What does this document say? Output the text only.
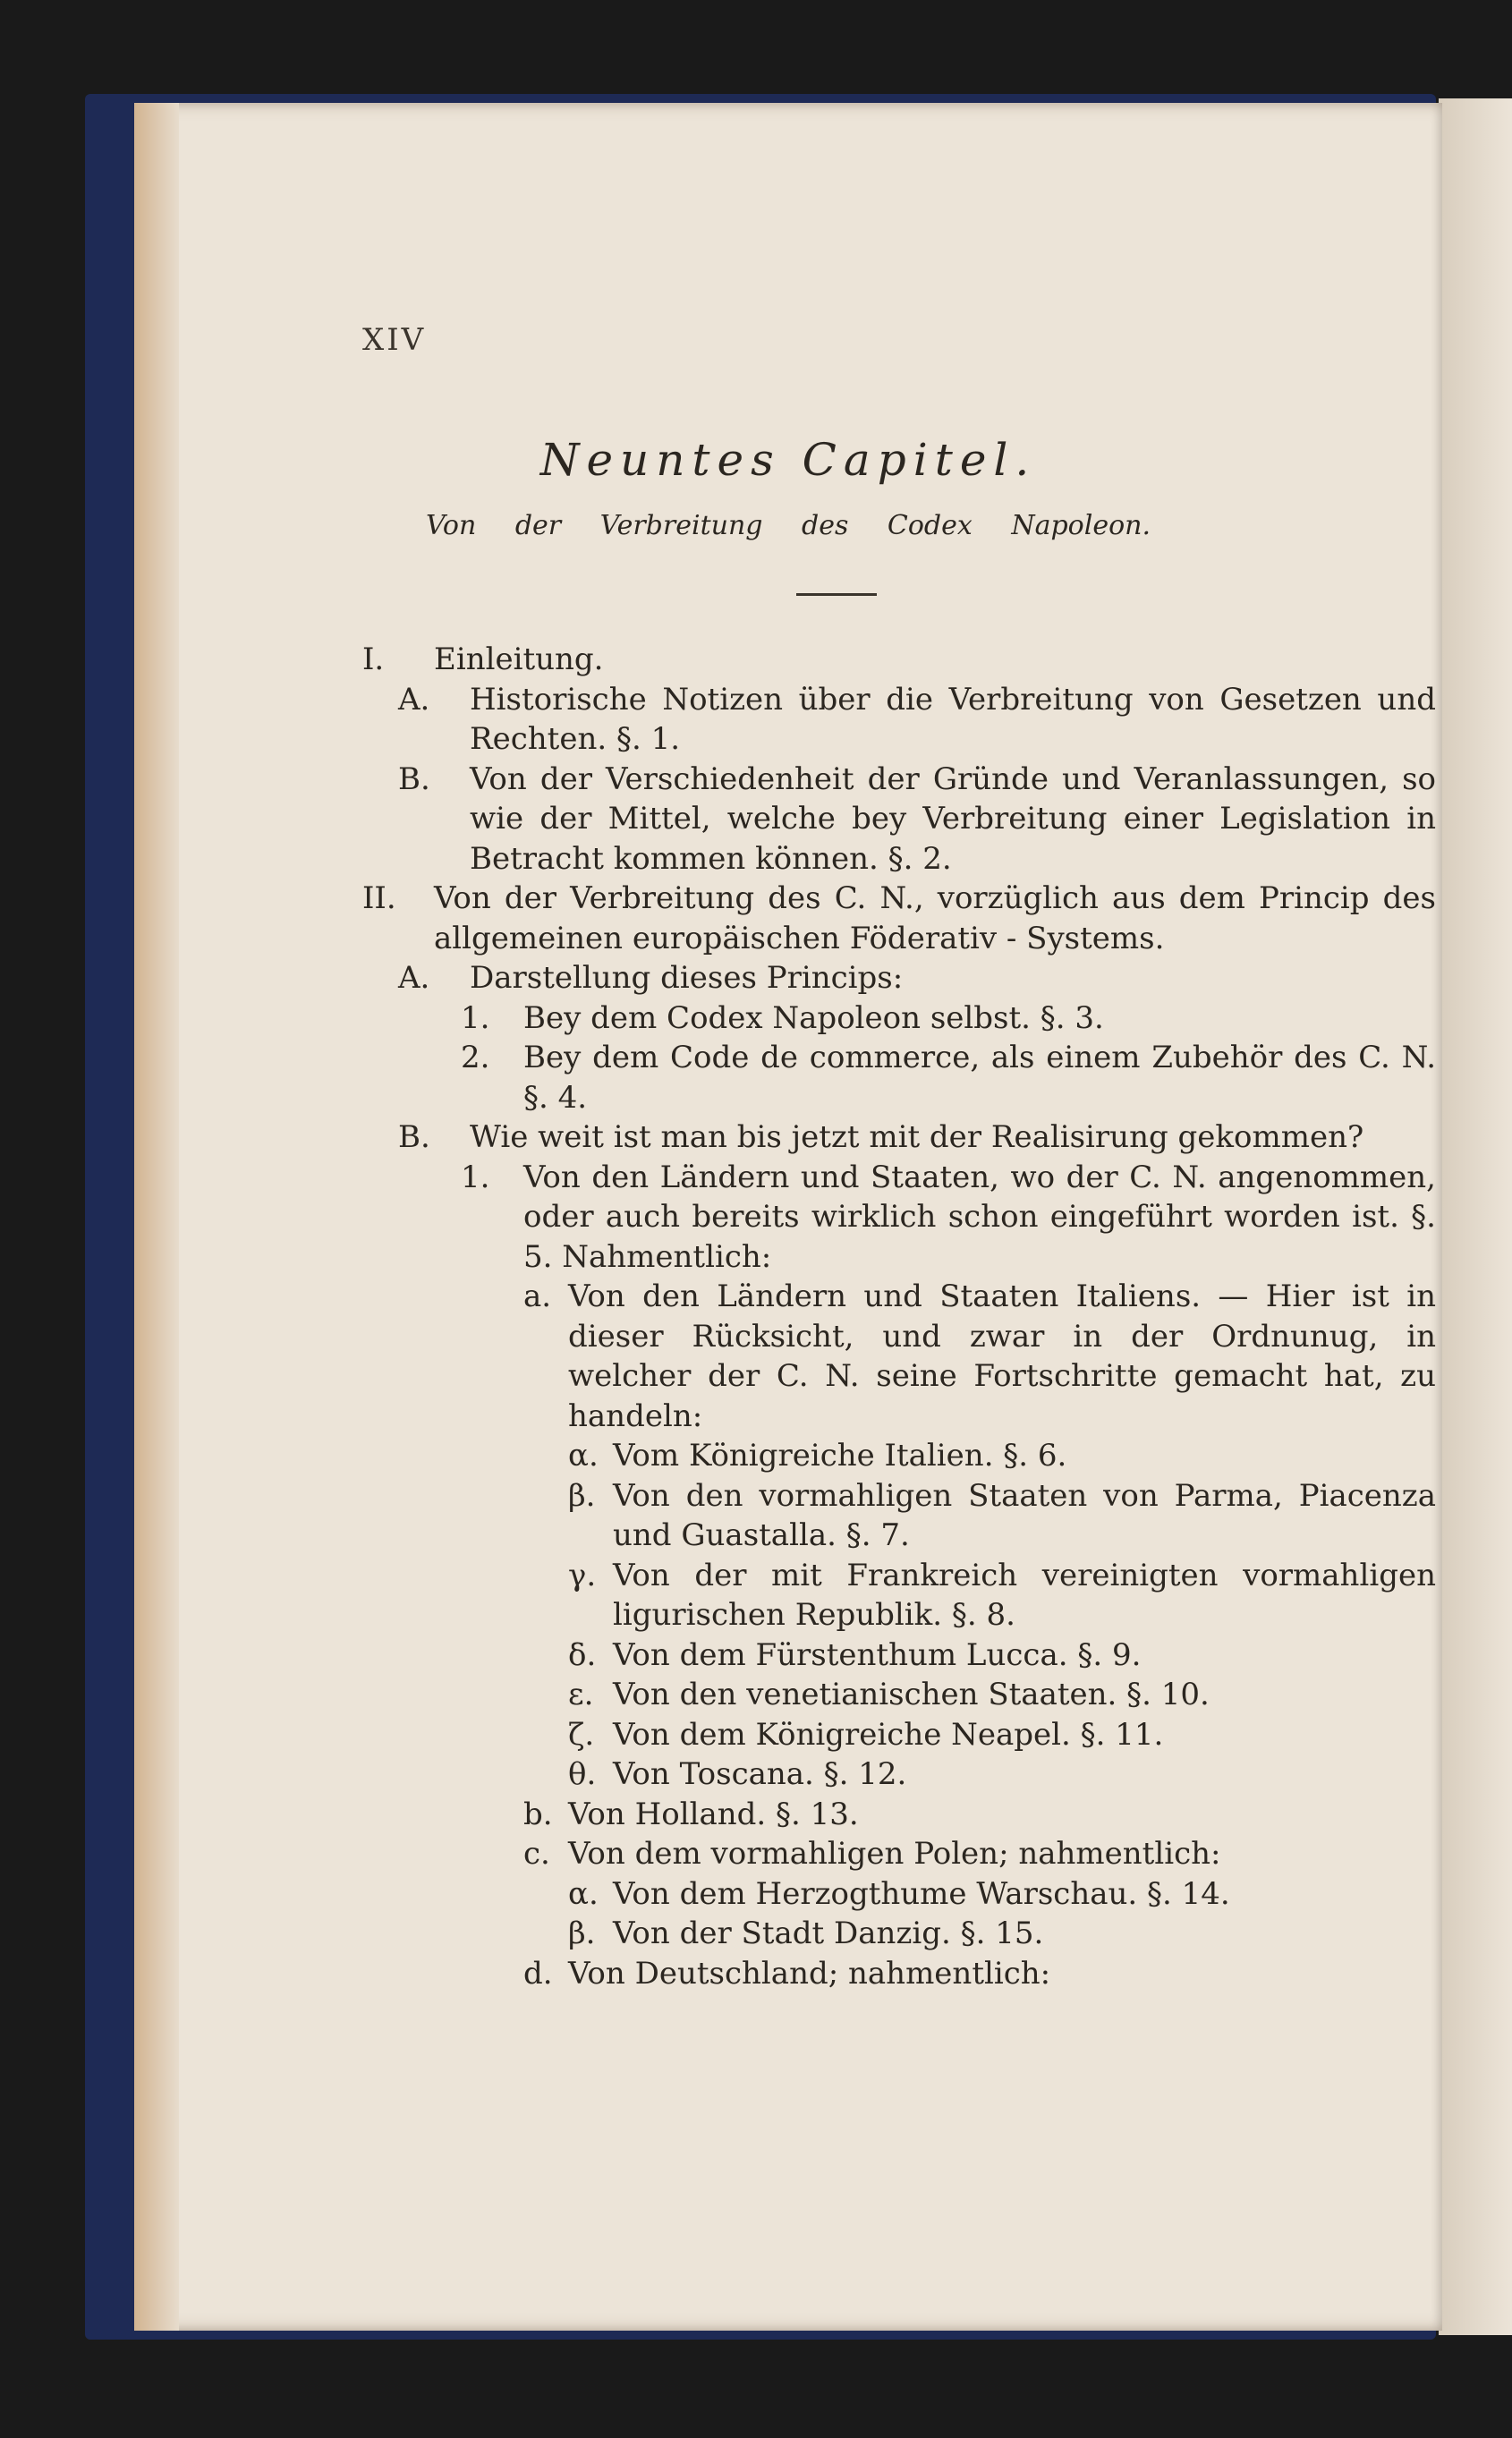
XIV
Neuntes Capitel.
Von der Verbreitung des Codex Napoleon.
I. Einleitung.
A. Historische Notizen über die Verbreitung von Gesetzen und Rechten. §. 1.
B. Von der Verschiedenheit der Gründe und Veranlassungen, so wie der Mittel, welche bey Verbreitung einer Legislation in Betracht kommen können. §. 2.
II. Von der Verbreitung des C. N., vorzüglich aus dem Princip des allgemeinen europäischen Föderativ - Systems.
A. Darstellung dieses Princips:
1. Bey dem Codex Napoleon selbst. §. 3.
2. Bey dem Code de commerce, als einem Zubehör des C. N. §. 4.
B. Wie weit ist man bis jetzt mit der Realisirung gekommen?
1. Von den Ländern und Staaten, wo der C. N. angenommen, oder auch bereits wirklich schon eingeführt worden ist. §. 5. Nahmentlich:
a. Von den Ländern und Staaten Italiens. — Hier ist in dieser Rücksicht, und zwar in der Ordnunug, in welcher der C. N. seine Fortschritte gemacht hat, zu handeln:
α. Vom Königreiche Italien. §. 6.
β. Von den vormahligen Staaten von Parma, Piacenza und Guastalla. §. 7.
γ. Von der mit Frankreich vereinigten vormahligen ligurischen Republik. §. 8.
δ. Von dem Fürstenthum Lucca. §. 9.
ε. Von den venetianischen Staaten. §. 10.
ζ. Von dem Königreiche Neapel. §. 11.
θ. Von Toscana. §. 12.
b. Von Holland. §. 13.
c. Von dem vormahligen Polen; nahmentlich:
α. Von dem Herzogthume Warschau. §. 14.
β. Von der Stadt Danzig. §. 15.
d. Von Deutschland; nahmentlich:
